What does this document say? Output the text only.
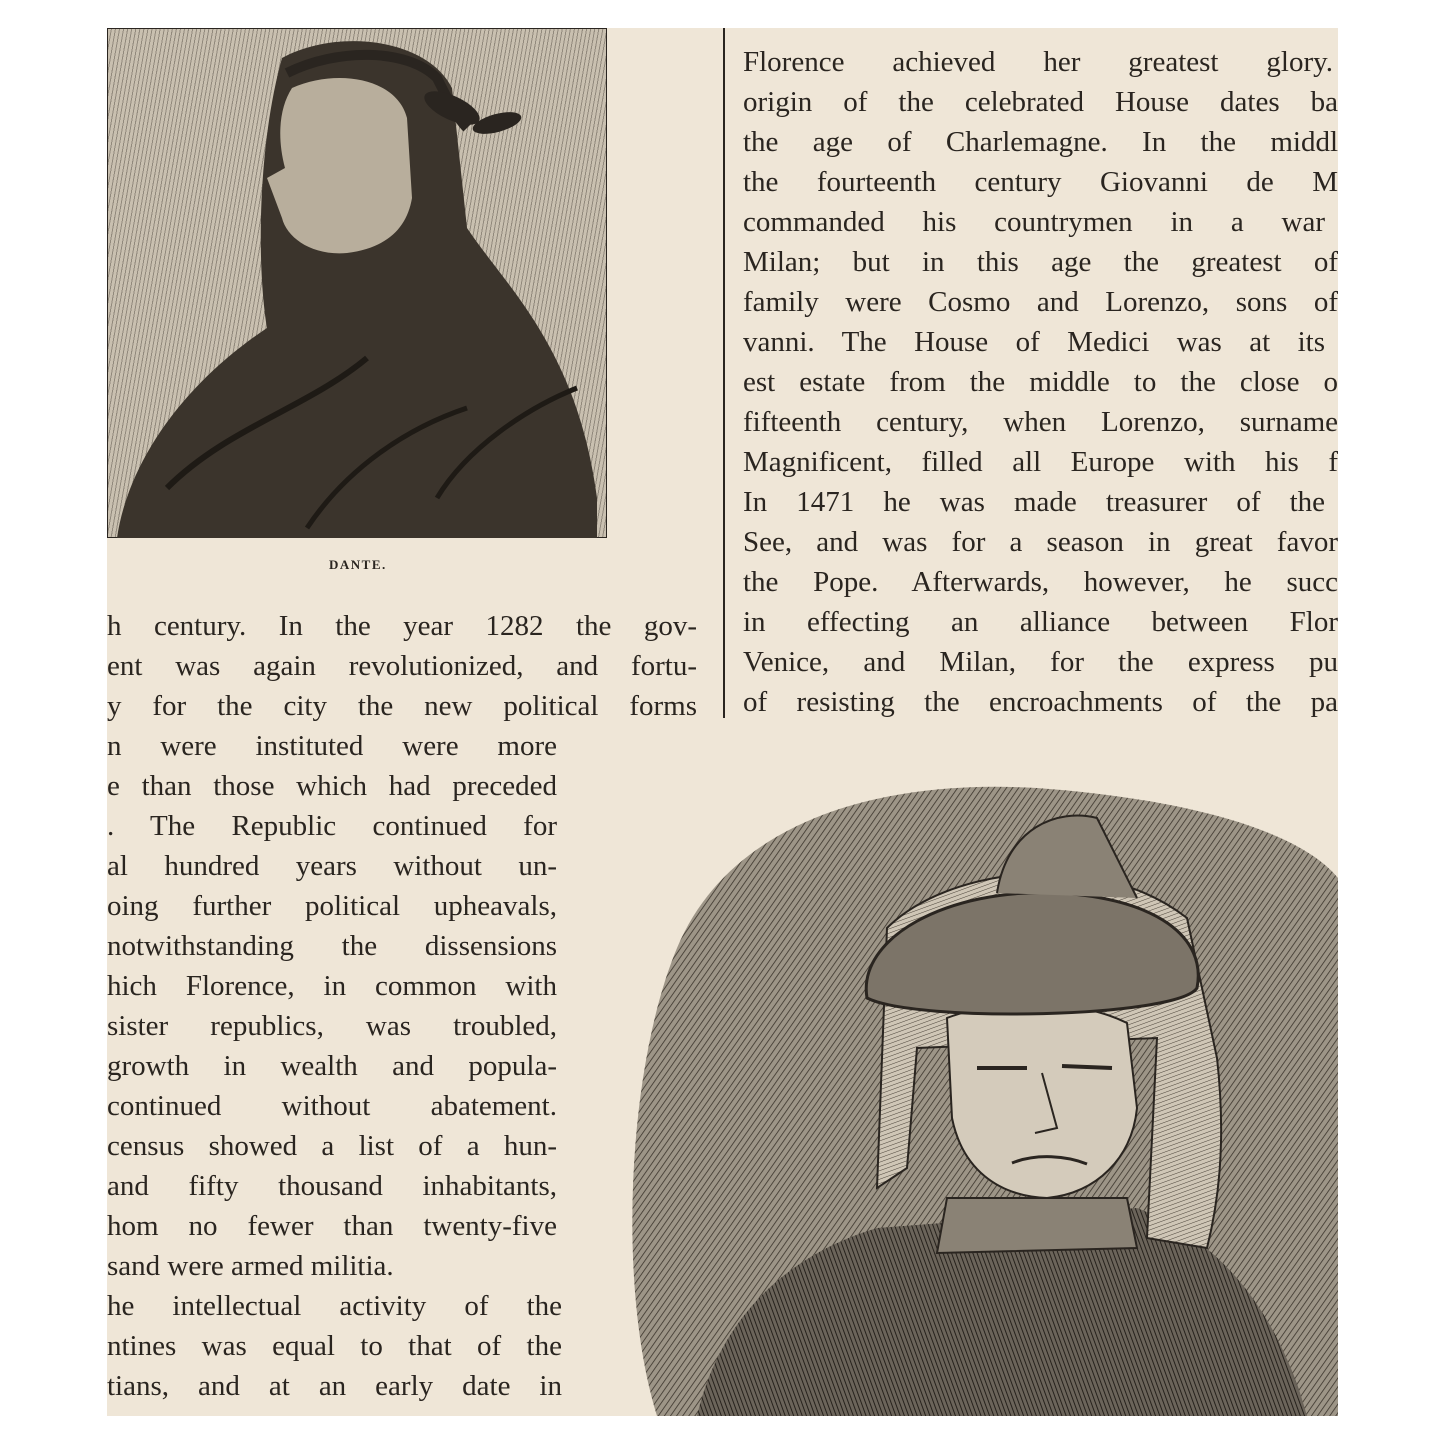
DANTE.
Florence achieved her greatest glory.
origin of the celebrated House dates ba
the age of Charlemagne. In the middl
the fourteenth century Giovanni de M
commanded his countrymen in a war
Milan; but in this age the greatest of
family were Cosmo and Lorenzo, sons of
vanni. The House of Medici was at its
est estate from the middle to the close o
fifteenth century, when Lorenzo, surname
Magnificent, filled all Europe with his f
In 1471 he was made treasurer of the
See, and was for a season in great favor
the Pope. Afterwards, however, he succ
in effecting an alliance between Flor
Venice, and Milan, for the express pu
of resisting the encroachments of the pa
h century. In the year 1282 the gov-
ent was again revolutionized, and fortu-
y for the city the new political forms
n were instituted were more
e than those which had preceded
. The Republic continued for
al hundred years without un-
oing further political upheavals,
notwithstanding the dissensions
hich Florence, in common with
sister republics, was troubled,
growth in wealth and popula-
continued without abatement.
census showed a list of a hun-
and fifty thousand inhabitants,
hom no fewer than twenty-five
sand were armed militia.
he intellectual activity of the
ntines was equal to that of the
tians, and at an early date in
